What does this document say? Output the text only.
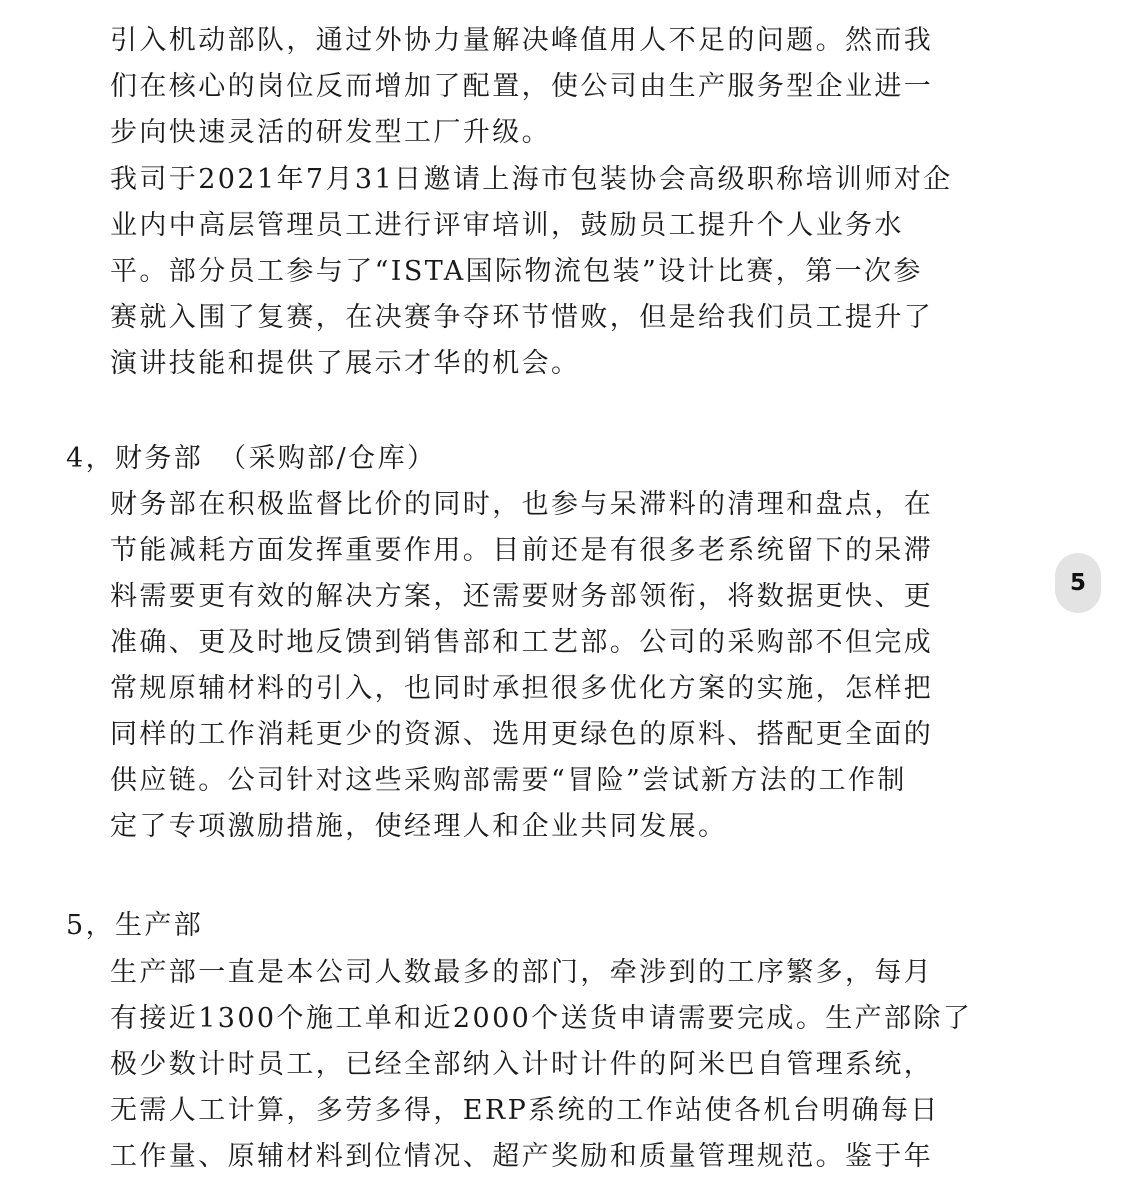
引入机动部队，通过外协力量解决峰值用人不足的问题。然而我
们在核心的岗位反而增加了配置，使公司由生产服务型企业进一
步向快速灵活的研发型工厂升级。

我司于2021年7月31日邀请上海市包装协会高级职称培训师对企
业内中高层管理员工进行评审培训，鼓励员工提升个人业务水
平。部分员工参与了“ISTA国际物流包装”设计比赛，第一次参
赛就入围了复赛，在决赛争夺环节惜败，但是给我们员工提升了
演讲技能和提供了展示才华的机会。

4，财务部　（采购部/仓库）

财务部在积极监督比价的同时，也参与呆滞料的清理和盘点，在
节能减耗方面发挥重要作用。目前还是有很多老系统留下的呆滞
料需要更有效的解决方案，还需要财务部领衔，将数据更快、更
准确、更及时地反馈到销售部和工艺部。公司的采购部不但完成
常规原辅材料的引入，也同时承担很多优化方案的实施，怎样把
同样的工作消耗更少的资源、选用更绿色的原料、搭配更全面的
供应链。公司针对这些采购部需要“冒险”尝试新方法的工作制
定了专项激励措施，使经理人和企业共同发展。

5，生产部

生产部一直是本公司人数最多的部门，牵涉到的工序繁多，每月
有接近1300个施工单和近2000个送货申请需要完成。生产部除了
极少数计时员工，已经全部纳入计时计件的阿米巴自管理系统，
无需人工计算，多劳多得，ERP系统的工作站使各机台明确每日
工作量、原辅材料到位情况、超产奖励和质量管理规范。鉴于年

5
